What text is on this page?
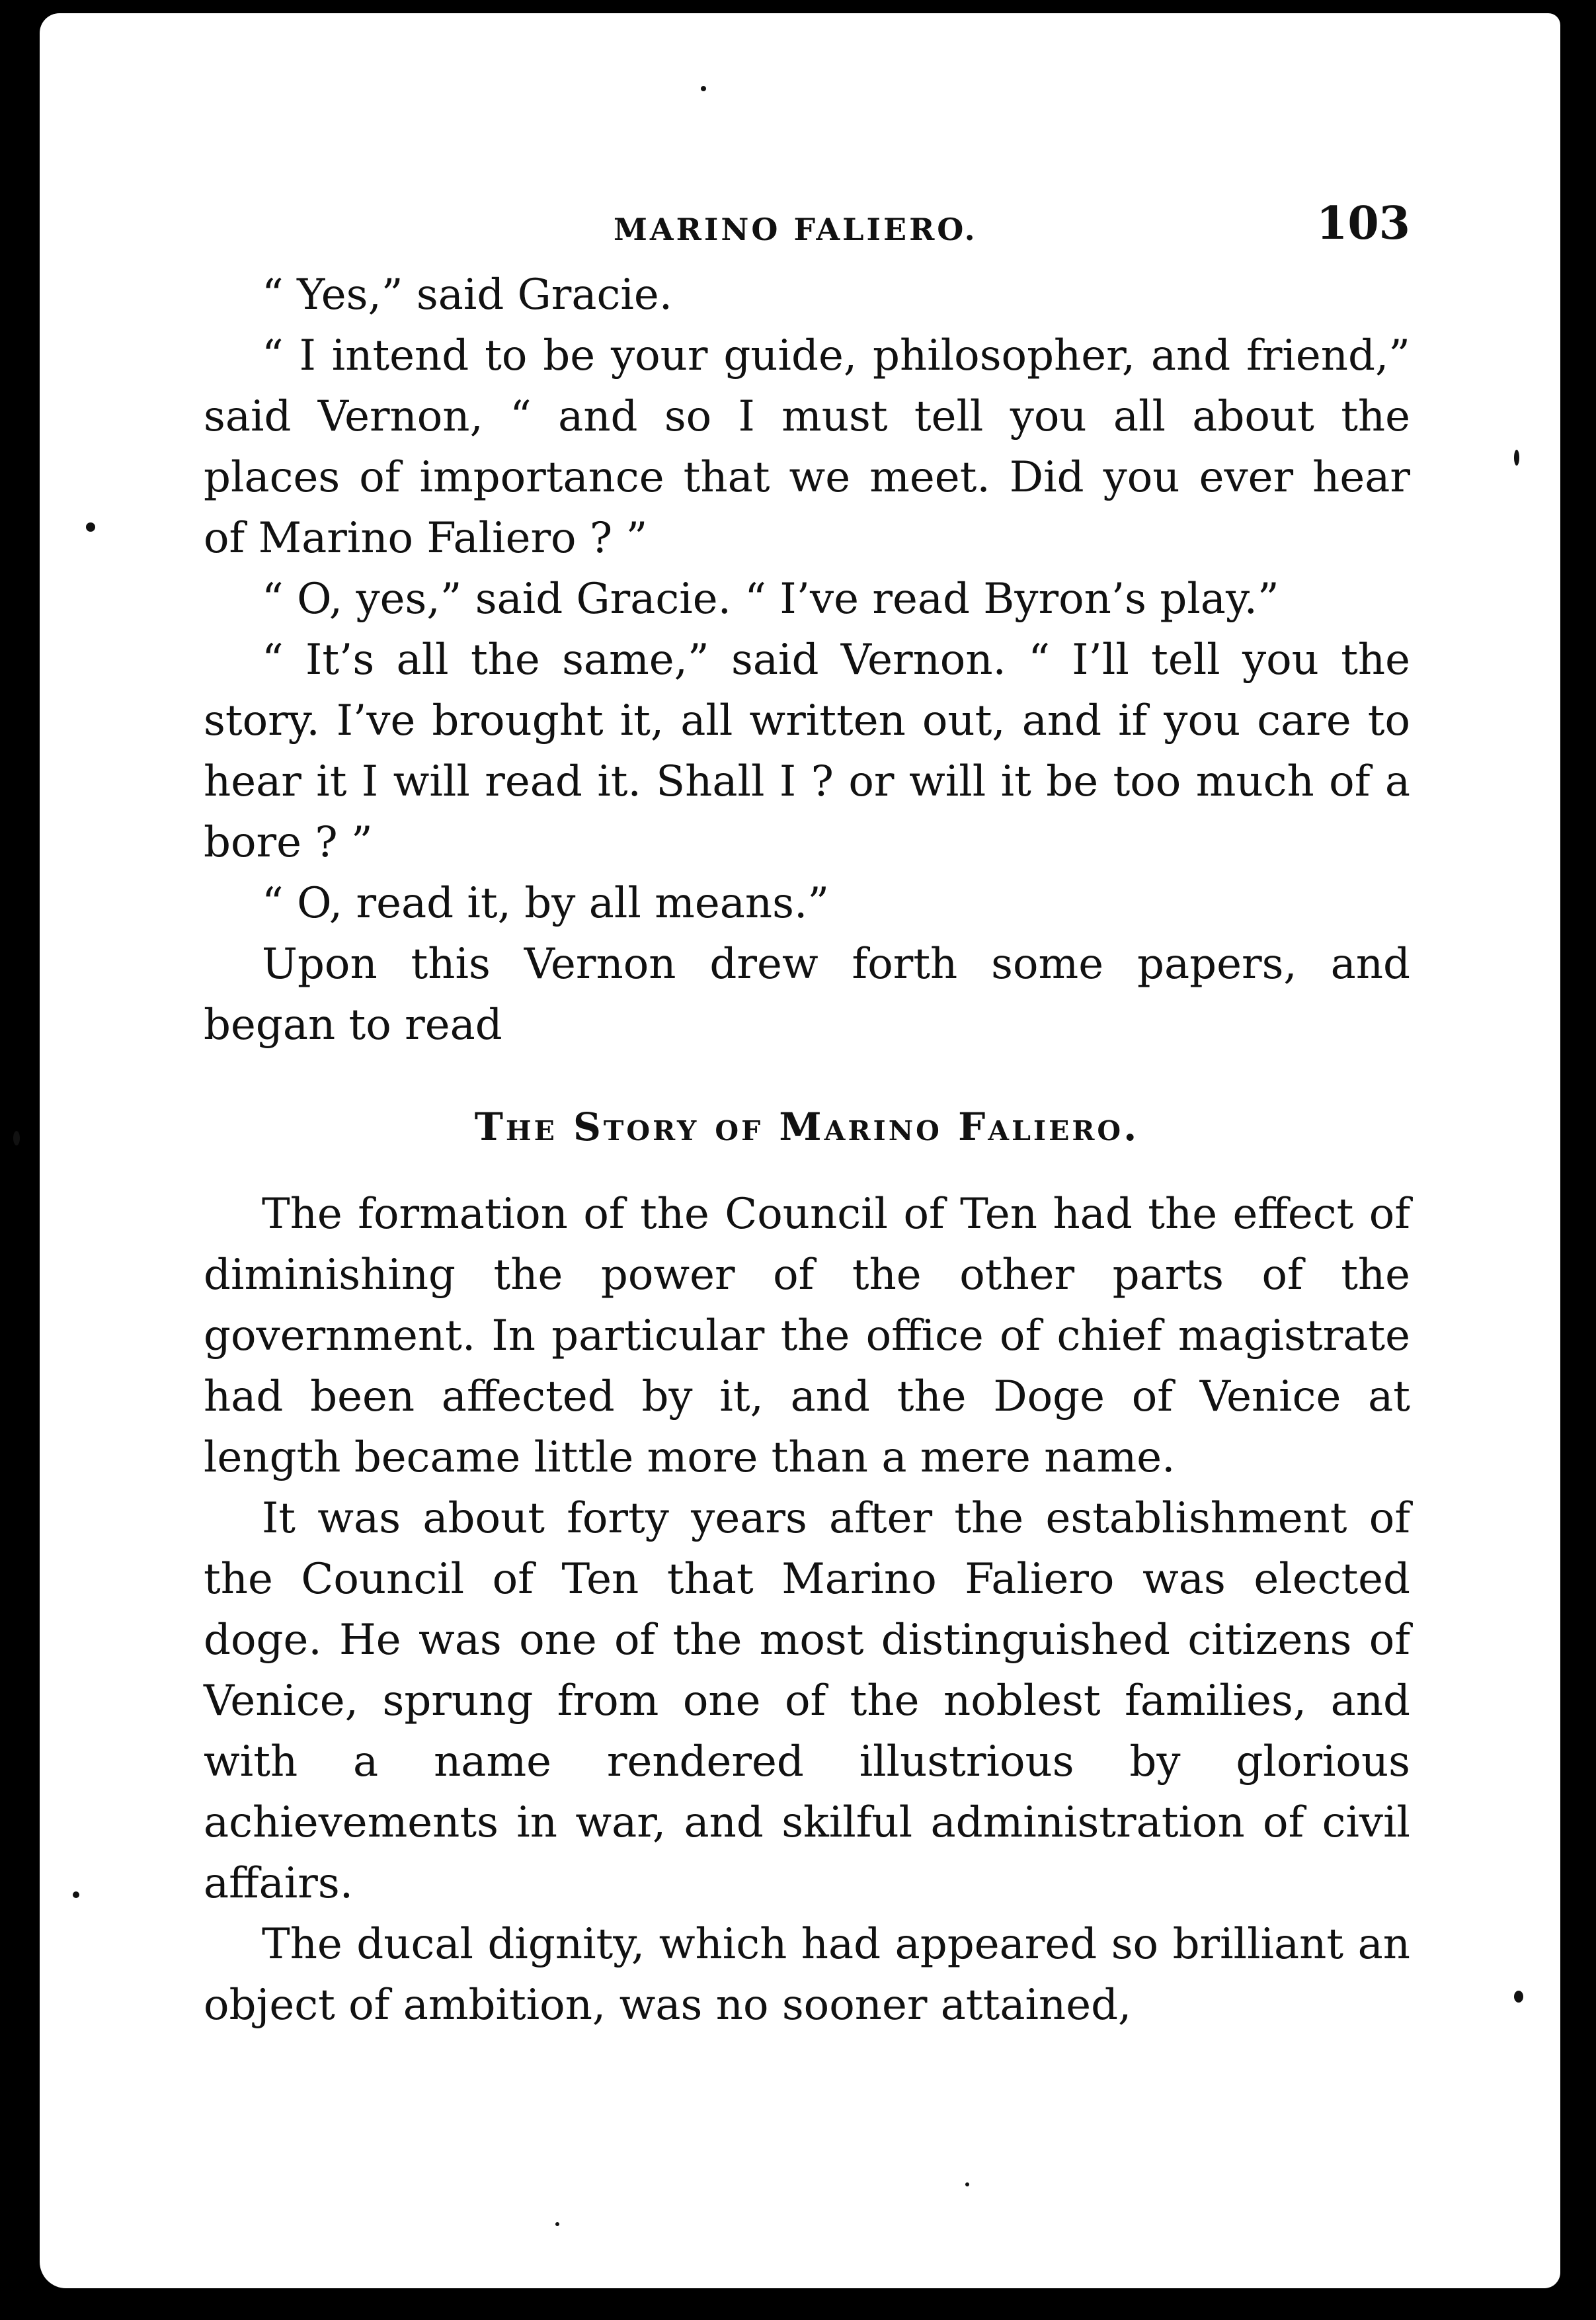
MARINO FALIERO.	103

“ Yes,” said Gracie.

“ I intend to be your guide, philosopher, and friend,” said Vernon, “ and so I must tell you all about the places of importance that we meet. Did you ever hear of Marino Faliero ? ”

“ O, yes,” said Gracie. “ I’ve read Byron’s play.”

“ It’s all the same,” said Vernon. “ I’ll tell you the story. I’ve brought it, all written out, and if you care to hear it I will read it. Shall I ? or will it be too much of a bore ? ”

“ O, read it, by all means.”

Upon this Vernon drew forth some papers, and began to read

The Story of Marino Faliero.

The formation of the Council of Ten had the effect of diminishing the power of the other parts of the government. In particular the office of chief magistrate had been affected by it, and the Doge of Venice at length became little more than a mere name.

It was about forty years after the establishment of the Council of Ten that Marino Faliero was elected doge. He was one of the most distinguished citizens of Venice, sprung from one of the noblest families, and with a name rendered illustrious by glorious achievements in war, and skilful administration of civil affairs.

The ducal dignity, which had appeared so brilliant an object of ambition, was no sooner attained,
